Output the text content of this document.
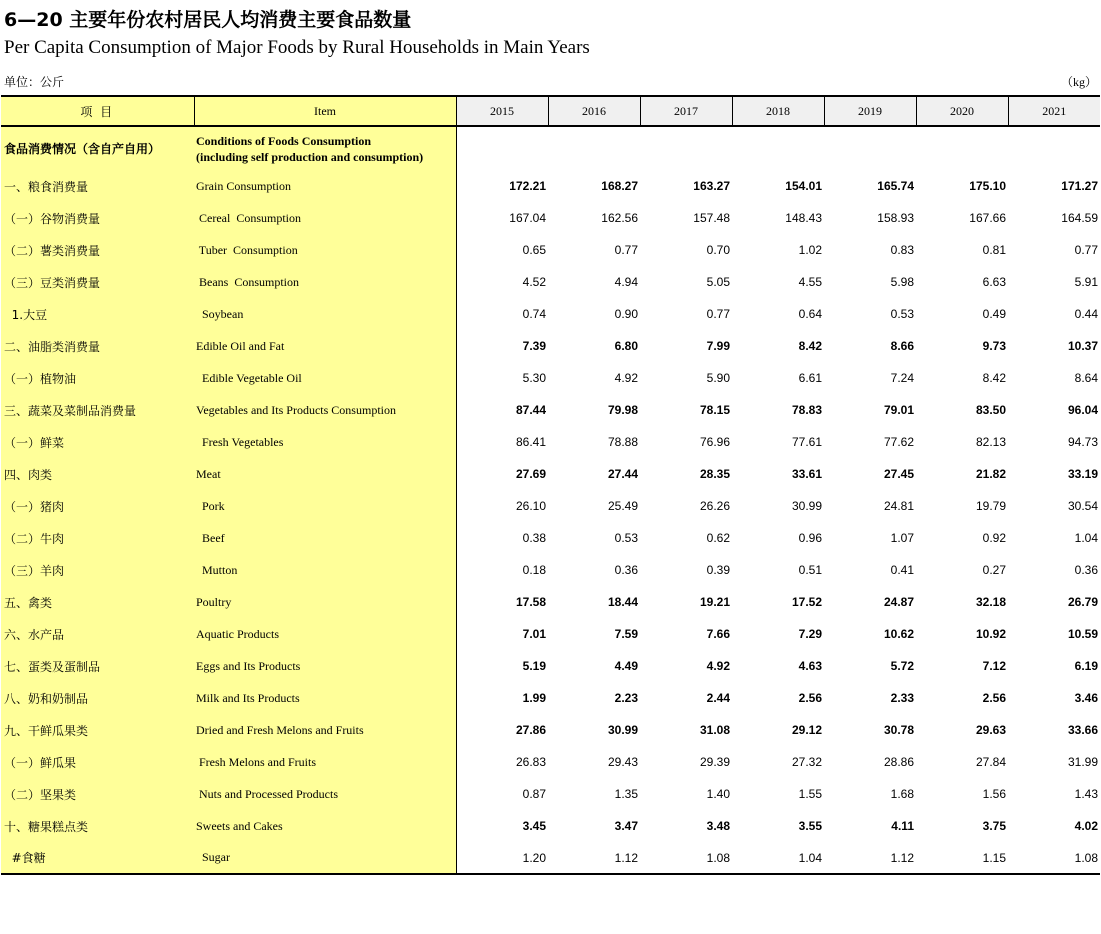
6—20 主要年份农村居民人均消费主要食品数量
Per Capita Consumption of Major Foods by Rural Households in Main Years
单位：公斤	（kg）
项 目	Item	2015	2016	2017	2018	2019	2020	2021
食品消费情况（含自产自用）	Conditions of Foods Consumption
(including self production and consumption)							
一、粮食消费量	Grain Consumption	172.21	168.27	163.27	154.01	165.74	175.10	171.27
（一）谷物消费量	Cereal  Consumption	167.04	162.56	157.48	148.43	158.93	167.66	164.59
（二）薯类消费量	Tuber  Consumption	0.65	0.77	0.70	1.02	0.83	0.81	0.77
（三）豆类消费量	Beans  Consumption	4.52	4.94	5.05	4.55	5.98	6.63	5.91
1.大豆	Soybean	0.74	0.90	0.77	0.64	0.53	0.49	0.44
二、油脂类消费量	Edible Oil and Fat	7.39	6.80	7.99	8.42	8.66	9.73	10.37
（一）植物油	Edible Vegetable Oil	5.30	4.92	5.90	6.61	7.24	8.42	8.64
三、蔬菜及菜制品消费量	Vegetables and Its Products Consumption	87.44	79.98	78.15	78.83	79.01	83.50	96.04
（一）鲜菜	Fresh Vegetables	86.41	78.88	76.96	77.61	77.62	82.13	94.73
四、肉类	Meat	27.69	27.44	28.35	33.61	27.45	21.82	33.19
（一）猪肉	Pork	26.10	25.49	26.26	30.99	24.81	19.79	30.54
（二）牛肉	Beef	0.38	0.53	0.62	0.96	1.07	0.92	1.04
（三）羊肉	Mutton	0.18	0.36	0.39	0.51	0.41	0.27	0.36
五、禽类	Poultry	17.58	18.44	19.21	17.52	24.87	32.18	26.79
六、水产品	Aquatic Products	7.01	7.59	7.66	7.29	10.62	10.92	10.59
七、蛋类及蛋制品	Eggs and Its Products	5.19	4.49	4.92	4.63	5.72	7.12	6.19
八、奶和奶制品	Milk and Its Products	1.99	2.23	2.44	2.56	2.33	2.56	3.46
九、干鲜瓜果类	Dried and Fresh Melons and Fruits	27.86	30.99	31.08	29.12	30.78	29.63	33.66
（一）鲜瓜果	Fresh Melons and Fruits	26.83	29.43	29.39	27.32	28.86	27.84	31.99
（二）坚果类	Nuts and Processed Products	0.87	1.35	1.40	1.55	1.68	1.56	1.43
十、糖果糕点类	Sweets and Cakes	3.45	3.47	3.48	3.55	4.11	3.75	4.02
#食糖	Sugar	1.20	1.12	1.08	1.04	1.12	1.15	1.08
